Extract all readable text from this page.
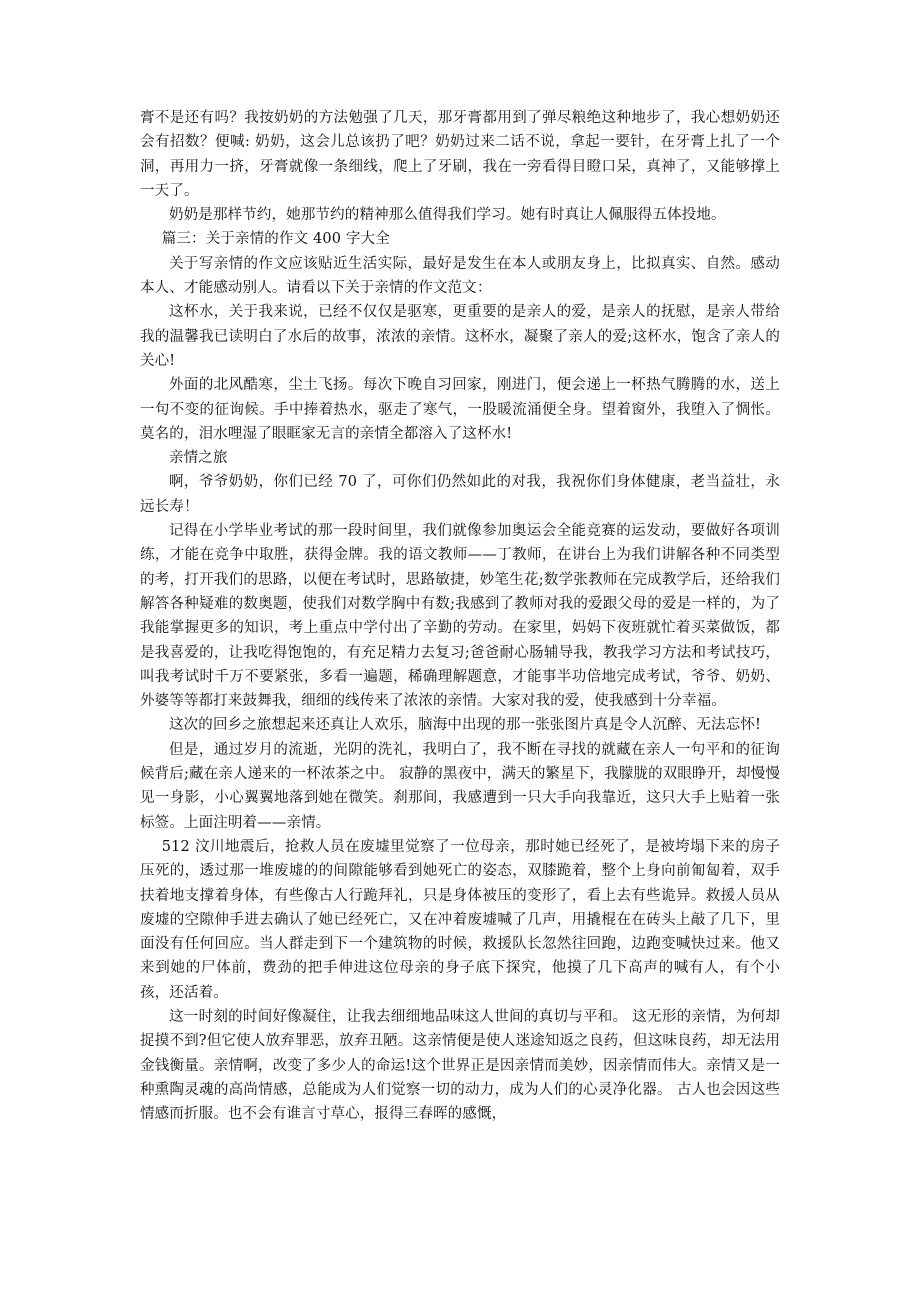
膏不是还有吗？我按奶奶的方法勉强了几天，那牙膏都用到了弹尽粮绝这种地步了，我心想奶奶还会有招数？便喊: 奶奶，这会儿总该扔了吧？奶奶过来二话不说，拿起一要针，在牙膏上扎了一个洞，再用力一挤，牙膏就像一条细线，爬上了牙刷，我在一旁看得目瞪口呆，真神了，又能够撑上一天了。

奶奶是那样节约，她那节约的精神那么值得我们学习。她有时真让人佩服得五体投地。

篇三：关于亲情的作文 400 字大全

关于写亲情的作文应该贴近生活实际，最好是发生在本人或朋友身上，比拟真实、自然。感动本人、才能感动别人。请看以下关于亲情的作文范文：

这杯水，关于我来说，已经不仅仅是驱寒，更重要的是亲人的爱，是亲人的抚慰，是亲人带给我的温馨我已读明白了水后的故事，浓浓的亲情。这杯水，凝聚了亲人的爱;这杯水，饱含了亲人的关心!

外面的北风酷寒，尘土飞扬。每次下晚自习回家，刚进门，便会递上一杯热气腾腾的水，送上一句不变的征询候。手中捧着热水，驱走了寒气，一股暖流涌便全身。望着窗外，我堕入了惆怅。莫名的，泪水哩湿了眼眶家无言的亲情全都溶入了这杯水!

亲情之旅

啊，爷爷奶奶，你们已经 70 了，可你们仍然如此的对我，我祝你们身体健康，老当益壮，永远长寿！

记得在小学毕业考试的那一段时间里，我们就像参加奥运会全能竞赛的运发动，要做好各项训练，才能在竞争中取胜，获得金牌。我的语文教师——丁教师，在讲台上为我们讲解各种不同类型的考，打开我们的思路，以便在考试时，思路敏捷，妙笔生花;数学张教师在完成教学后，还给我们解答各种疑难的数奥题，使我们对数学胸中有数;我感到了教师对我的爱跟父母的爱是一样的，为了我能掌握更多的知识，考上重点中学付出了辛勤的劳动。在家里，妈妈下夜班就忙着买菜做饭，都是我喜爱的，让我吃得饱饱的，有充足精力去复习;爸爸耐心肠辅导我，教我学习方法和考试技巧，叫我考试时千万不要紧张，多看一遍题，稀确理解题意，才能事半功倍地完成考试，爷爷、奶奶、外婆等等都打来鼓舞我，细细的线传来了浓浓的亲情。大家对我的爱，使我感到十分幸福。

这次的回乡之旅想起来还真让人欢乐，脑海中出现的那一张张图片真是令人沉醉、无法忘怀!

但是，通过岁月的流逝，光阴的洗礼，我明白了，我不断在寻找的就藏在亲人一句平和的征询候背后;藏在亲人递来的一杯浓茶之中。 寂静的黑夜中，满天的繁星下，我朦胧的双眼睁开，却慢慢见一身影，小心翼翼地落到她在微笑。刹那间，我感遭到一只大手向我靠近，这只大手上贴着一张标签。上面注明着——亲情。

512 汶川地震后，抢救人员在废墟里觉察了一位母亲，那时她已经死了，是被垮塌下来的房子压死的，透过那一堆废墟的的间隙能够看到她死亡的姿态，双膝跪着，整个上身向前匍匐着，双手扶着地支撑着身体，有些像古人行跪拜礼，只是身体被压的变形了，看上去有些诡异。救援人员从废墟的空隙伸手进去确认了她已经死亡，又在冲着废墟喊了几声，用撬棍在在砖头上敲了几下，里面没有任何回应。当人群走到下一个建筑物的时候，救援队长忽然往回跑，边跑变喊快过来。他又来到她的尸体前，费劲的把手伸进这位母亲的身子底下探究，他摸了几下高声的喊有人，有个小孩，还活着。

这一时刻的时间好像凝住，让我去细细地品味这人世间的真切与平和。 这无形的亲情，为何却捉摸不到?但它使人放弃罪恶，放弃丑陋。这亲情便是使人迷途知返之良药，但这味良药，却无法用金钱衡量。亲情啊，改变了多少人的命运!这个世界正是因亲情而美妙，因亲情而伟大。亲情又是一种熏陶灵魂的高尚情感，总能成为人们觉察一切的动力，成为人们的心灵净化器。 古人也会因这些情感而折服。也不会有谁言寸草心，报得三春晖的感慨，
